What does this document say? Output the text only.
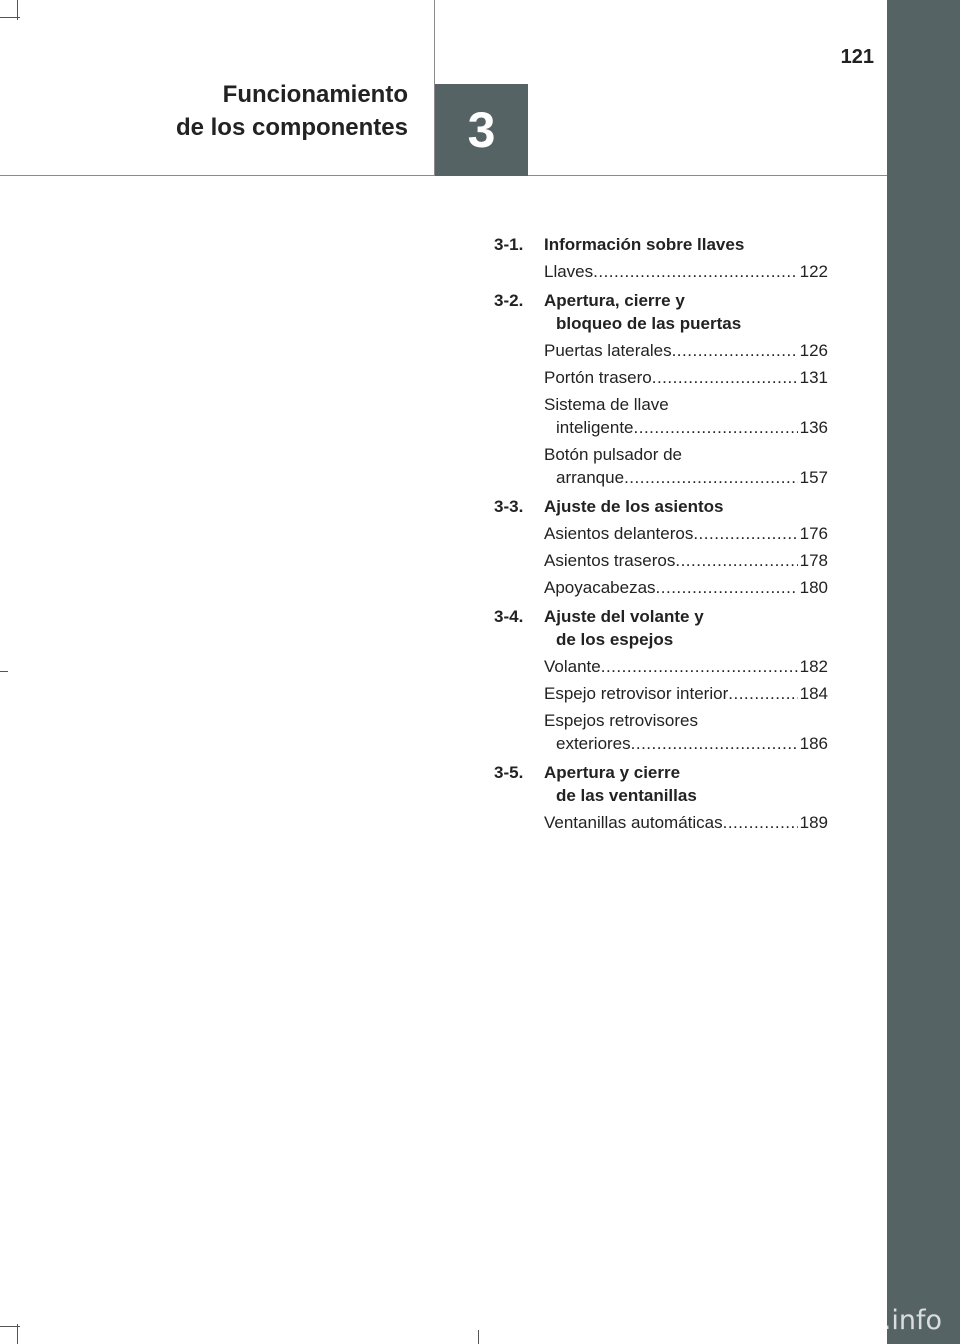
Funcionamiento
de los componentes	3
121
3-1.	Información sobre llaves
Llaves .....	122
3-2.	Apertura, cierre y
bloqueo de las puertas
Puertas laterales .....	126
Portón trasero .....	131
Sistema de llave
inteligente .....	136
Botón pulsador de
arranque .....	157
3-3.	Ajuste de los asientos
Asientos delanteros .....	176
Asientos traseros .....	178
Apoyacabezas .....	180
3-4.	Ajuste del volante y
de los espejos
Volante .....	182
Espejo retrovisor interior .....	184
Espejos retrovisores
exteriores .....	186
3-5.	Apertura y cierre
de las ventanillas
Ventanillas automáticas .....	189
carmanualsonline.info
